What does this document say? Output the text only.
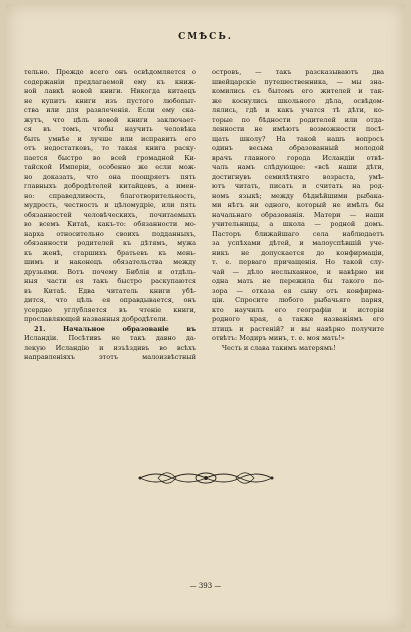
СМѢСЬ.
тельно. Прежде всего онъ освѣдомляется о
содержаніи предлагаемой ему къ книж-
ной лавкѣ новой книги. Никогда китаецъ
не купитъ книги изъ пустого любопыт-
ства или для развлеченія. Если ему ска-
жутъ, что цѣль новой книги заключает-
ся въ томъ, чтобы научить человѣка
быть умнѣе и лучше или исправить его
отъ недостатковъ, то такая книга раску-
пается быстро во всей громадной Ки-
тайской Имперіи, особенно же если мож-
но доказать, что она поощряетъ пять
главныхъ добродѣтелей китайцевъ, а имен-
но: справедливость, благотворительность,
мудрость, честность и цѣломудріе, или пять
обязанностей человѣческихъ, почитаемыхъ
во всемъ Китаѣ, какъ-то: обязанности мо-
нарха относительно своихъ подданныхъ,
обязанности родителей къ дѣтямъ, мужа
къ женѣ, старшихъ братьевъ къ мень-
шимъ и наконецъ обязательства между
друзьями. Вотъ почему Библія и отдѣль-
ныя части ея такъ быстро раскупаются
въ Китаѣ. Едва читатель книги убѣ-
дится, что цѣль ея оправдывается, онъ
усердно углубляется въ чтеніе книги,
прославляющей названныя добродѣтели.
21. Начальное образованіе въ
Исландіи. Посѣтивъ не такъ давно да-
лекую Исландію и изъѣздивъ во всѣхъ
направленіяхъ этотъ малоизвѣстный
островъ, — такъ разсказываютъ два
швейцарскіе путешественника, — мы зна-
комились съ бытомъ его жителей и так-
же коснулись школьного дѣла, освѣдом-
лялись, гдѣ и какъ учатся тѣ дѣти, ко-
торые по бѣдности родителей или отда-
ленности не имѣютъ возможности посѣ-
щать школу? На такой нашъ вопросъ
одинъ весьма образованный молодой
врачъ главного города Исландіи отвѣ-
чалъ намъ слѣдующее: «всѣ наши дѣти,
достигнувъ семилѣтняго возраста, умѣ-
ютъ читать, писать и считать на род-
номъ языкѣ; между бѣднѣйшими рыбака-
ми нѣтъ ни одного, который не имѣлъ бы
начальнаго образованія. Матери — наши
учительницы, а школа — родной домъ.
Пасторъ ближайшаго села наблюдаетъ
за успѣхами дѣтей, и малоуспѣвшій уче-
никъ не допускается до конфирмаціи,
т. е. перваго причащенія. Но такой слу-
чай — дѣло неслыханное, и навѣрно ни
одна мать не пережила бы такого по-
зора — отказа ея сыну отъ конфирма-
ціи. Спросите любого рыбачьяго парня,
кто научилъ его географіи и исторіи
родного края, а также названіямъ его
птицъ и растеній? и вы навѣрно получите
отвѣтъ: Модиръ минъ, т. е. моя мать!»
Честь и слава такимъ матерямъ!
— 393 —
